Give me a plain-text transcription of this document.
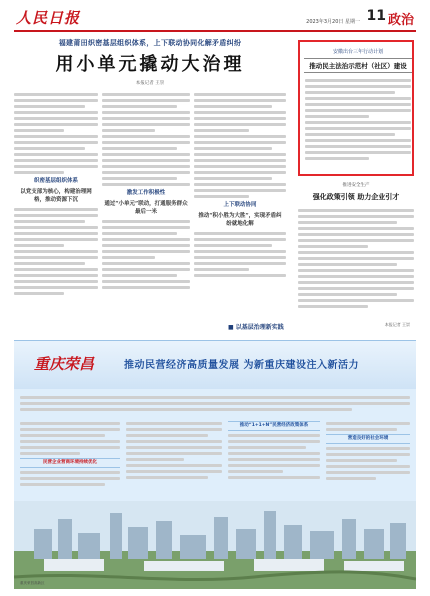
人民日报	2023年3月20日 星期一 11 政治
福建莆田织密基层组织体系，上下联动协同化解矛盾纠纷
用小单元撬动大治理
本报记者 王崇
织密基层组织体系
以党支部为核心，构建治理网格，推动资源下沉
激发工作积极性
通过“小单元”联动，打通服务群众最后一米
上下联动协同
推动“积小胜为大胜”，实现矛盾纠纷就地化解
■ 以基层治理新实践
安徽出台三年行动计划
推动民主法治示范村（社区）建设
推进安全生产
强化政策引领 助力企业引才
本报记者 王崇
重庆荣昌	推动民营经济高质量发展 为新重庆建设注入新活力
民营企业营商环境持续优化
推动“1+1+N”民营经济政策体系
营造良好的社会环境
重庆荣昌高新区
